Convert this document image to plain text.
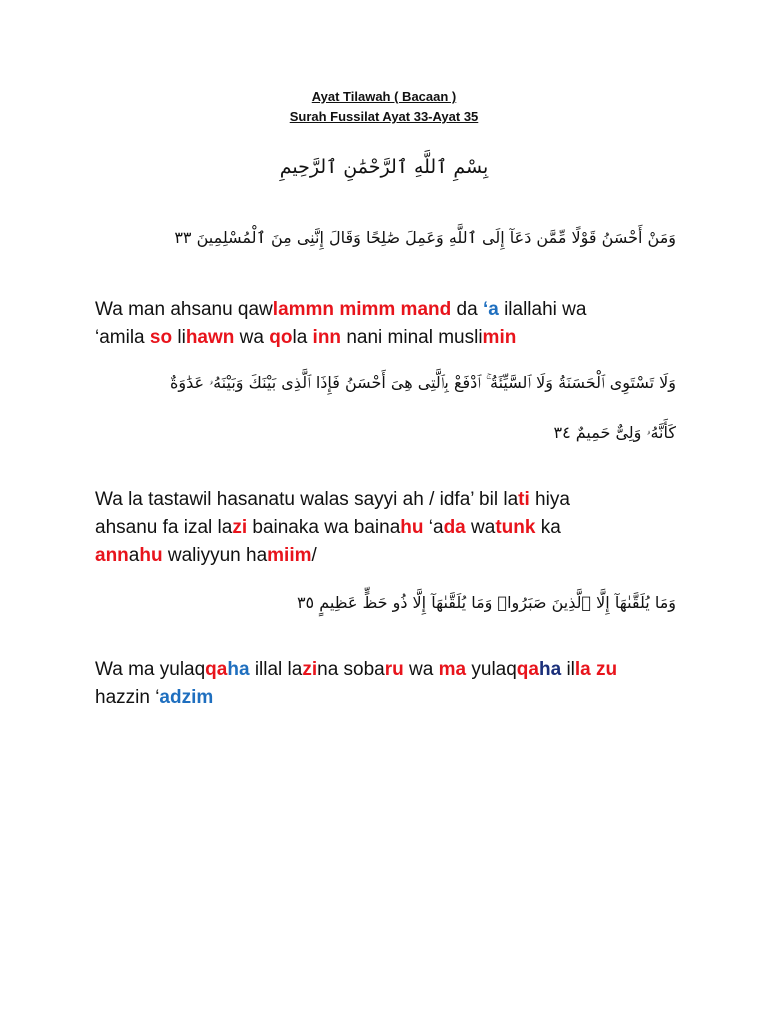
Ayat Tilawah ( Bacaan )
Surah Fussilat Ayat 33-Ayat 35
بِسْمِ ٱللَّهِ ٱلرَّحْمَٰنِ ٱلرَّحِيمِ
وَمَنْ أَحْسَنُ قَوْلًا مِّمَّن دَعَآ إِلَى ٱللَّهِ وَعَمِلَ صَٰلِحًا وَقَالَ إِنَّنِى مِنَ ٱلْمُسْلِمِينَ ٣٣
Wa man ahsanu qawlammn mimm mand da ‘a ilallahi wa
‘amila so lihawn wa qola inn nani minal muslimin
وَلَا تَسْتَوِى ٱلْحَسَنَةُ وَلَا ٱلسَّيِّئَةُ ۚ ٱدْفَعْ بِٱلَّتِى هِىَ أَحْسَنُ فَإِذَا ٱلَّذِى بَيْنَكَ وَبَيْنَهُۥ عَدَٰوَةٌ
كَأَنَّهُۥ وَلِىٌّ حَمِيمٌ ٣٤
Wa la tastawil hasanatu walas sayyi ah / idfa’ bil lati hiya
ahsanu fa izal lazi bainaka wa bainahu ‘ada watunk ka
annahu waliyyun hamiim/
وَمَا يُلَقَّىٰهَآ إِلَّا ٱلَّذِينَ صَبَرُوا۟ وَمَا يُلَقَّىٰهَآ إِلَّا ذُو حَظٍّ عَظِيمٍ ٣٥
Wa ma yulaqqaha illal lazina sobaru wa ma yulaqqaha illa zu
hazzin ‘adzim
